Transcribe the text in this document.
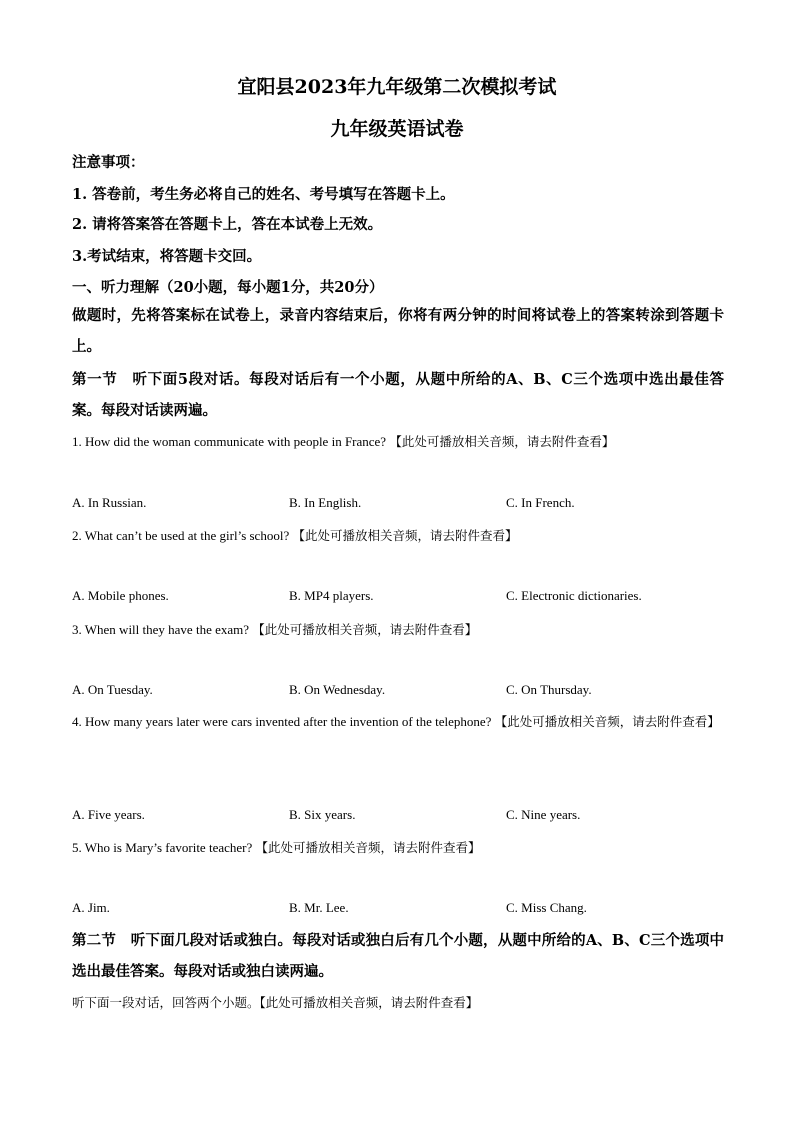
宜阳县2023年九年级第二次模拟考试
九年级英语试卷
注意事项：
1. 答卷前，考生务必将自己的姓名、考号填写在答题卡上。
2. 请将答案答在答题卡上，答在本试卷上无效。
3.考试结束，将答题卡交回。
一、听力理解（20小题，每小题1分，共20分）
做题时，先将答案标在试卷上，录音内容结束后，你将有两分钟的时间将试卷上的答案转涂到答题卡上。
第一节　听下面5段对话。每段对话后有一个小题，从题中所给的A、B、C三个选项中选出最佳答案。每段对话读两遍。
1. How did the woman communicate with people in France? 【此处可播放相关音频，请去附件查看】
A. In Russian.	B. In English.	C. In French.
2. What can’t be used at the girl’s school? 【此处可播放相关音频，请去附件查看】
A. Mobile phones.	B. MP4 players.	C. Electronic dictionaries.
3. When will they have the exam? 【此处可播放相关音频，请去附件查看】
A. On Tuesday.	B. On Wednesday.	C. On Thursday.
4. How many years later were cars invented after the invention of the telephone? 【此处可播放相关音频，请去附件查看】
A. Five years.	B. Six years.	C. Nine years.
5. Who is Mary’s favorite teacher? 【此处可播放相关音频，请去附件查看】
A. Jim.	B. Mr. Lee.	C. Miss Chang.
第二节　听下面几段对话或独白。每段对话或独白后有几个小题，从题中所给的A、B、C三个选项中选出最佳答案。每段对话或独白读两遍。
听下面一段对话，回答两个小题。【此处可播放相关音频，请去附件查看】
